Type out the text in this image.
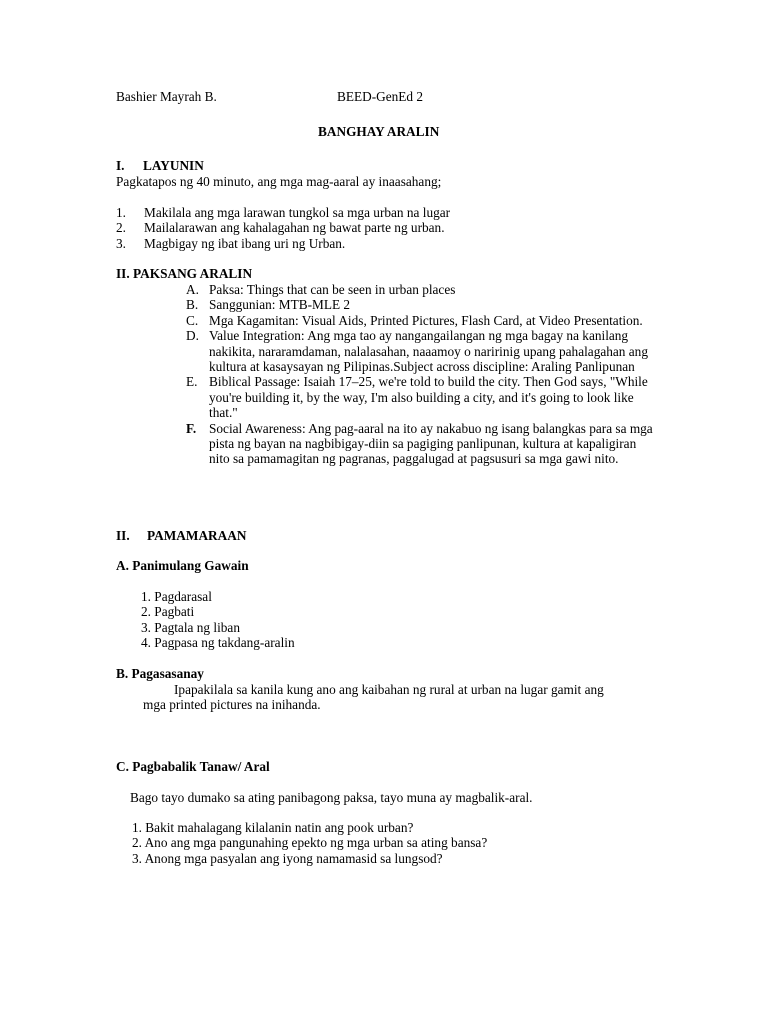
Bashier Mayrah B.	BEED-GenEd 2
BANGHAY ARALIN
I. LAYUNIN
Pagkatapos ng 40 minuto, ang mga mag-aaral ay inaasahang;
1. Makilala ang mga larawan tungkol sa mga urban na lugar
2. Mailalarawan ang kahalagahan ng bawat parte ng urban.
3. Magbigay ng ibat ibang uri ng Urban.
II. PAKSANG ARALIN
A. Paksa: Things that can be seen in urban places
B. Sanggunian: MTB-MLE 2
C. Mga Kagamitan: Visual Aids, Printed Pictures, Flash Card, at Video Presentation.
D. Value Integration: Ang mga tao ay nangangailangan ng mga bagay na kanilang nakikita, nararamdaman, nalalasahan, naaamoy o naririnig upang pahalagahan ang kultura at kasaysayan ng Pilipinas.Subject across discipline: Araling Panlipunan
E. Biblical Passage: Isaiah 17–25, we're told to build the city. Then God says, "While you're building it, by the way, I'm also building a city, and it's going to look like that."
F. Social Awareness: Ang pag-aaral na ito ay nakabuo ng isang balangkas para sa mga pista ng bayan na nagbibigay-diin sa pagiging panlipunan, kultura at kapaligiran nito sa pamamagitan ng pagranas, paggalugad at pagsusuri sa mga gawi nito.
II. PAMAMARAAN
A. Panimulang Gawain
1. Pagdarasal
2. Pagbati
3. Pagtala ng liban
4. Pagpasa ng takdang-aralin
B. Pagasasanay
Ipapakilala sa kanila kung ano ang kaibahan ng rural at urban na lugar gamit ang
mga printed pictures na inihanda.
C. Pagbabalik Tanaw/ Aral
Bago tayo dumako sa ating panibagong paksa, tayo muna ay magbalik-aral.
1. Bakit mahalagang kilalanin natin ang pook urban?
2. Ano ang mga pangunahing epekto ng mga urban sa ating bansa?
3. Anong mga pasyalan ang iyong namamasid sa lungsod?
